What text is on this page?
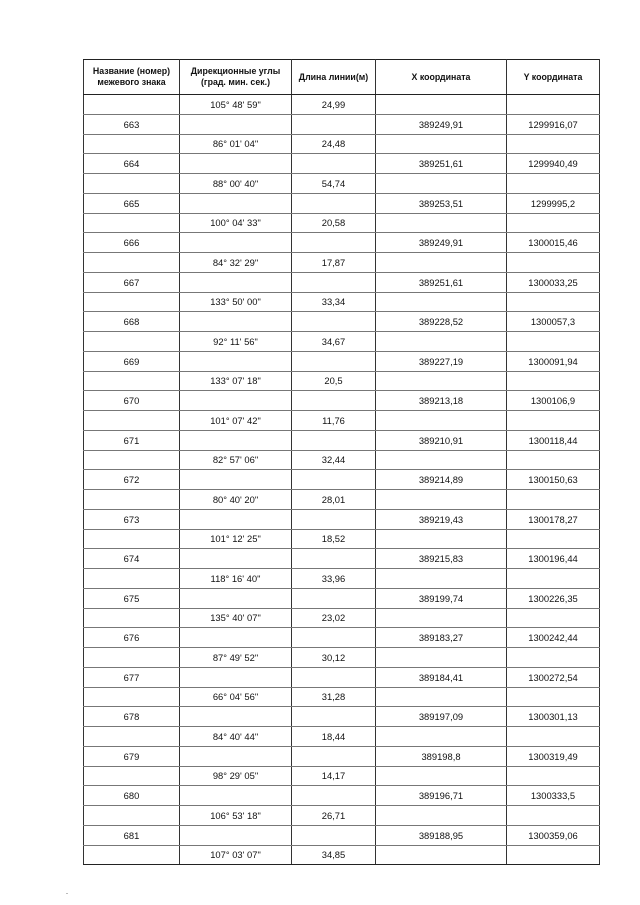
Название (номер) межевого знака	Дирекционные углы (град. мин. сек.)	Длина линии(м)	X координата	Y координата
	105° 48' 59"	24,99		
663			389249,91	1299916,07
	86° 01' 04"	24,48		
664			389251,61	1299940,49
	88° 00' 40"	54,74		
665			389253,51	1299995,2
	100° 04' 33"	20,58		
666			389249,91	1300015,46
	84° 32' 29"	17,87		
667			389251,61	1300033,25
	133° 50' 00"	33,34		
668			389228,52	1300057,3
	92° 11' 56"	34,67		
669			389227,19	1300091,94
	133° 07' 18"	20,5		
670			389213,18	1300106,9
	101° 07' 42"	11,76		
671			389210,91	1300118,44
	82° 57' 06"	32,44		
672			389214,89	1300150,63
	80° 40' 20"	28,01		
673			389219,43	1300178,27
	101° 12' 25"	18,52		
674			389215,83	1300196,44
	118° 16' 40"	33,96		
675			389199,74	1300226,35
	135° 40' 07"	23,02		
676			389183,27	1300242,44
	87° 49' 52"	30,12		
677			389184,41	1300272,54
	66° 04' 56"	31,28		
678			389197,09	1300301,13
	84° 40' 44"	18,44		
679			389198,8	1300319,49
	98° 29' 05"	14,17		
680			389196,71	1300333,5
	106° 53' 18"	26,71		
681			389188,95	1300359,06
	107° 03' 07"	34,85		
